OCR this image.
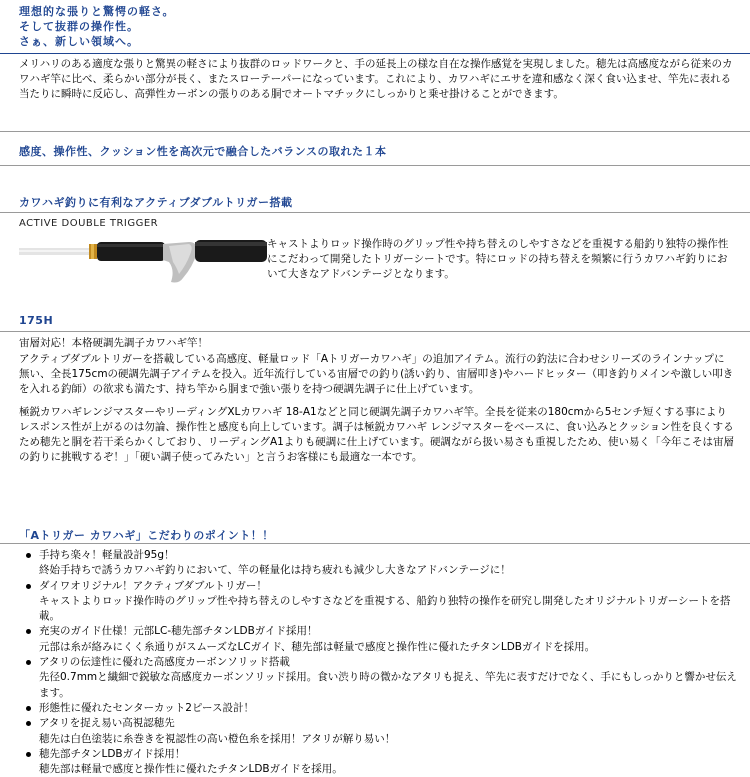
理想的な張りと驚愕の軽さ。
そして抜群の操作性。
さぁ、新しい領域へ。
メリハリのある適度な張りと驚異の軽さにより抜群のロッドワークと、手の延長上の様な自在な操作感覚を実現しました。穂先は高感度ながら従来のカワハギ竿に比べ、柔らかい部分が長く、またスローテーパーになっています。これにより、カワハギにエサを違和感なく深く食い込ませ、竿先に表れる当たりに瞬時に反応し、高弾性カーボンの張りのある胴でオートマチックにしっかりと乗せ掛けることができます。
感度、操作性、クッション性を高次元で融合したバランスの取れた１本
カワハギ釣りに有利なアクティブダブルトリガー搭載
ACTIVE DOUBLE TRIGGER
キャストよりロッド操作時のグリップ性や持ち替えのしやすさなどを重視する船釣り独特の操作性にこだわって開発したトリガーシートです。特にロッドの持ち替えを頻繁に行うカワハギ釣りにおいて大きなアドバンテージとなります。
175H
宙層対応！本格硬調先調子カワハギ竿！
アクティブダブルトリガーを搭載している高感度、軽量ロッド「Aトリガーカワハギ」の追加アイテム。流行の釣法に合わせシリーズのラインナップに無い、全長175cmの硬調先調子アイテムを投入。近年流行している宙層での釣り(誘い釣り、宙層叩き)やハードヒッター（叩き釣りメインや激しい叩きを入れる釣師）の欲求も満たす、持ち竿から胴まで強い張りを持つ硬調先調子に仕上げています。
極鋭カワハギレンジマスターやリーディングXLカワハギ 18-A1などと同じ硬調先調子カワハギ竿。全長を従来の180cmから5センチ短くする事によりレスポンス性が上がるのは勿論、操作性と感度も向上しています。調子は極鋭カワハギ レンジマスターをベースに、食い込みとクッション性を良くするため穂先と胴を若干柔らかくしており、リーディングA1よりも硬調に仕上げています。硬調ながら扱い易さも重視したため、使い易く「今年こそは宙層の釣りに挑戦するぞ！」「硬い調子使ってみたい」と言うお客様にも最適な一本です。
「Aトリガー カワハギ」こだわりのポイント！！
手持ち楽々！軽量設計95g！
終始手持ちで誘うカワハギ釣りにおいて、竿の軽量化は持ち疲れも減少し大きなアドバンテージに！
ダイワオリジナル！アクティブダブルトリガー！
キャストよりロッド操作時のグリップ性や持ち替えのしやすさなどを重視する、船釣り独特の操作を研究し開発したオリジナルトリガーシートを搭載。
充実のガイド仕様！元部LC-穂先部チタンLDBガイド採用！
元部は糸が絡みにくく糸通りがスムーズなLCガイド、穂先部は軽量で感度と操作性に優れたチタンLDBガイドを採用。
アタリの伝達性に優れた高感度カーボンソリッド搭載
先径0.7mmと繊細で鋭敏な高感度カーボンソリッド採用。食い渋り時の微かなアタリも捉え、竿先に表すだけでなく、手にもしっかりと響かせ伝えます。
形態性に優れたセンターカット2ピース設計！
アタリを捉え易い高視認穂先
穂先は白色塗装に糸巻きを視認性の高い橙色糸を採用！アタリが解り易い！
穂先部チタンLDBガイド採用！
穂先部は軽量で感度と操作性に優れたチタンLDBガイドを採用。
